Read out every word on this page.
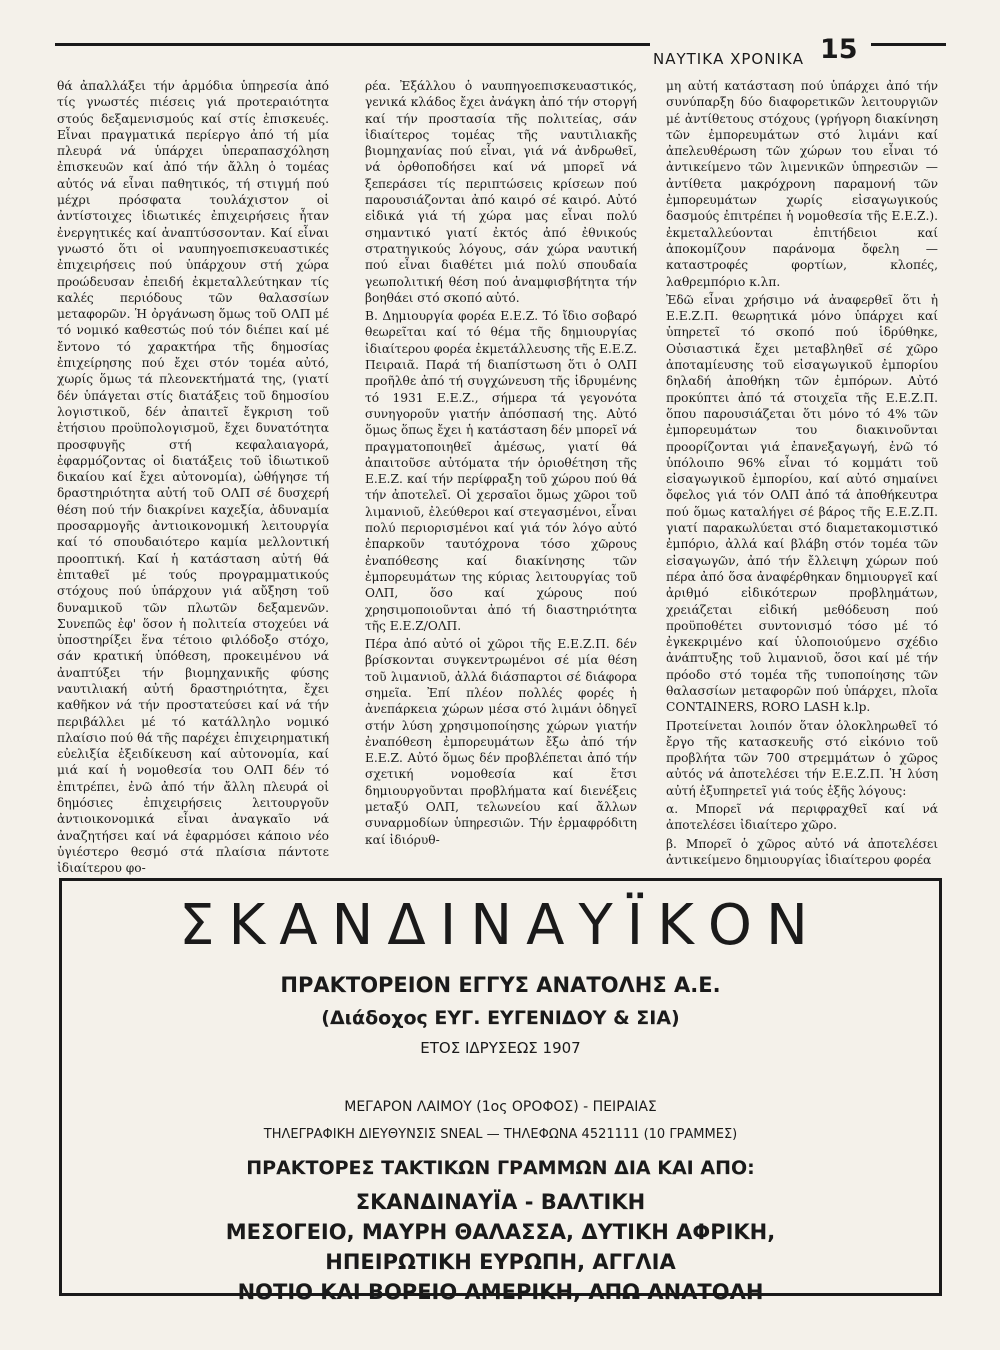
ΝΑΥΤΙΚΑ ΧΡΟΝΙΚΑ 15

θά ἀπαλλάξει τήν ἁρμόδια ὑπηρεσία ἀπό τίς γνωστές πιέσεις γιά προτεραιότητα στούς δεξαμενισμούς καί στίς ἐπισκευές. Εἶναι πραγματικά περίεργο ἀπό τή μία πλευρά νά ὑπάρχει ὑπεραπασχόληση ἐπισκευῶν καί ἀπό τήν ἄλλη ὁ τομέας αὐτός νά εἶναι παθητικός, τή στιγμή πού μέχρι πρόσφατα τουλάχιστον οἱ ἀντίστοιχες ἰδιωτικές ἐπιχειρήσεις ἦταν ἐνεργητικές καί ἀναπτύσσονταν. Καί εἶναι γνωστό ὅτι οἱ ναυπηγοεπισκευαστικές ἐπιχειρήσεις πού ὑπάρχουν στή χώρα προώδευσαν ἐπειδή ἐκμεταλλεύτηκαν τίς καλές περιόδους τῶν θαλασσίων μεταφορῶν. Ἡ ὀργάνωση ὅμως τοῦ ΟΛΠ μέ τό νομικό καθεστώς πού τόν διέπει καί μέ ἔντονο τό χαρακτήρα τῆς δημοσίας ἐπιχείρησης πού ἔχει στόν τομέα αὐτό, χωρίς ὅμως τά πλεονεκτήματά της, (γιατί δέν ὑπάγεται στίς διατάξεις τοῦ δημοσίου λογιστικοῦ, δέν ἀπαιτεῖ ἔγκριση τοῦ ἐτήσιου προϋπολογισμοῦ, ἔχει δυνατότητα προσφυγῆς στή κεφαλαιαγορά, ἐφαρμόζοντας οἱ διατάξεις τοῦ ἰδιωτικοῦ δικαίου καί ἔχει αὐτονομία), ὠθήγησε τή δραστηριότητα αὐτή τοῦ ΟΛΠ σέ δυσχερή θέση πού τήν διακρίνει καχεξία, ἀδυναμία προσαρμογῆς ἀντιοικονομική λειτουργία καί τό σπουδαιότερο καμία μελλοντική προοπτική. Καί ἡ κατάσταση αὐτή θά ἐπιταθεῖ μέ τούς προγραμματικούς στόχους πού ὑπάρχουν γιά αὔξηση τοῦ δυναμικοῦ τῶν πλωτῶν δεξαμενῶν. Συνεπῶς ἐφ' ὅσον ἡ πολιτεία στοχεύει νά ὑποστηρίξει ἕνα τέτοιο φιλόδοξο στόχο, σάν κρατική ὑπόθεση, προκειμένου νά ἀναπτύξει τήν βιομηχανικῆς φύσης ναυτιλιακή αὐτή δραστηριότητα, ἔχει καθῆκον νά τήν προστατεύσει καί νά τήν περιβάλλει μέ τό κατάλληλο νομικό πλαίσιο πού θά τῆς παρέχει ἐπιχειρηματική εὐελιξία ἐξειδίκευση καί αὐτονομία, καί μιά καί ἡ νομοθεσία του ΟΛΠ δέν τό ἐπιτρέπει, ἐνῶ ἀπό τήν ἄλλη πλευρά οἱ δημόσιες ἐπιχειρήσεις λειτουργοῦν ἀντιοικονομικά εἶναι ἀναγκαῖο νά ἀναζητήσει καί νά ἐφαρμόσει κάποιο νέο ὑγιέστερο θεσμό στά πλαίσια πάντοτε ἰδιαίτερου φο-

ρέα. Ἐξάλλου ὁ ναυπηγοεπισκευαστικός, γενικά κλάδος ἔχει ἀνάγκη ἀπό τήν στοργή καί τήν προστασία τῆς πολιτείας, σάν ἰδιαίτερος τομέας τῆς ναυτιλιακῆς βιομηχανίας πού εἶναι, γιά νά ἀνδρωθεῖ, νά ὀρθοποδήσει καί νά μπορεῖ νά ξεπεράσει τίς περιπτώσεις κρίσεων πού παρουσιάζονται ἀπό καιρό σέ καιρό. Αὐτό εἰδικά γιά τή χώρα μας εἶναι πολύ σημαντικό γιατί ἐκτός ἀπό ἐθνικούς στρατηγικούς λόγους, σάν χώρα ναυτική πού εἶναι διαθέτει μιά πολύ σπουδαία γεωπολιτική θέση πού ἀναμφισβήτητα τήν βοηθάει στό σκοπό αὐτό.

Β. Δημιουργία φορέα Ε.Ε.Ζ. Τό ἴδιο σοβαρό θεωρεῖται καί τό θέμα τῆς δημιουργίας ἰδιαίτερου φορέα ἐκμετάλλευσης τῆς Ε.Ε.Ζ. Πειραιᾶ. Παρά τή διαπίστωση ὅτι ὁ ΟΛΠ προῆλθε ἀπό τή συγχώνευση τῆς ἱδρυμένης τό 1931 Ε.Ε.Ζ., σήμερα τά γεγονότα συνηγοροῦν γιατήν ἀπόσπασή της. Αὐτό ὅμως ὅπως ἔχει ἡ κατάσταση δέν μπορεῖ νά πραγματοποιηθεῖ ἀμέσως, γιατί θά ἀπαιτοῦσε αὐτόματα τήν ὁριοθέτηση τῆς Ε.Ε.Ζ. καί τήν περίφραξη τοῦ χώρου πού θά τήν ἀποτελεῖ. Οἱ χερσαῖοι ὅμως χῶροι τοῦ λιμανιοῦ, ἐλεύθεροι καί στεγασμένοι, εἶναι πολύ περιορισμένοι καί γιά τόν λόγο αὐτό ἐπαρκοῦν ταυτόχρονα τόσο χῶρους ἐναπόθεσης καί διακίνησης τῶν ἐμπορευμάτων της κύριας λειτουργίας τοῦ ΟΛΠ, ὅσο καί χώρους πού χρησιμοποιοῦνται ἀπό τή διαστηριότητα τῆς Ε.Ε.Ζ/ΟΛΠ.

Πέρα ἀπό αὐτό οἱ χῶροι τῆς Ε.Ε.Ζ.Π. δέν βρίσκονται συγκεντρωμένοι σέ μία θέση τοῦ λιμανιοῦ, ἀλλά διάσπαρτοι σέ διάφορα σημεῖα. Ἐπί πλέον πολλές φορές ἡ ἀνεπάρκεια χώρων μέσα στό λιμάνι ὁδηγεῖ στήν λύση χρησιμοποίησης χώρων γιατήν ἐναπόθεση ἐμπορευμάτων ἔξω ἀπό τήν Ε.Ε.Ζ. Αὐτό ὅμως δέν προβλέπεται ἀπό τήν σχετική νομοθεσία καί ἔτσι δημιουργοῦνται προβλήματα καί διενέξεις μεταξύ ΟΛΠ, τελωνείου καί ἄλλων συναρμοδίων ὑπηρεσιῶν. Τήν ἑρμαφρόδιτη καί ἰδιόρυθ-

μη αὐτή κατάσταση πού ὑπάρχει ἀπό τήν συνύπαρξη δύο διαφορετικῶν λειτουργιῶν μέ ἀντίθετους στόχους (γρήγορη διακίνηση τῶν ἐμπορευμάτων στό λιμάνι καί ἀπελευθέρωση τῶν χώρων του εἶναι τό ἀντικείμενο τῶν λιμενικῶν ὑπηρεσιῶν — ἀντίθετα μακρόχρονη παραμονή τῶν ἐμπορευμάτων χωρίς εἰσαγωγικούς δασμούς ἐπιτρέπει ἡ νομοθεσία τῆς Ε.Ε.Ζ.). ἐκμεταλλεύονται ἐπιτήδειοι καί ἀποκομίζουν παράνομα ὄφελη — καταστροφές φορτίων, κλοπές, λαθρεμπόριο κ.λπ.

Ἐδῶ εἶναι χρήσιμο νά ἀναφερθεῖ ὅτι ἡ Ε.Ε.Ζ.Π. θεωρητικά μόνο ὑπάρχει καί ὑπηρετεῖ τό σκοπό πού ἱδρύθηκε, Οὐσιαστικά ἔχει μεταβληθεῖ σέ χῶρο ἀποταμίευσης τοῦ εἰσαγωγικοῦ ἐμπορίου δηλαδή ἀποθήκη τῶν ἐμπόρων. Αὐτό προκύπτει ἀπό τά στοιχεῖα τῆς Ε.Ε.Ζ.Π. ὅπου παρουσιάζεται ὅτι μόνο τό 4% τῶν ἐμπορευμάτων του διακινοῦνται προορίζονται γιά ἐπανεξαγωγή, ἐνῶ τό ὑπόλοιπο 96% εἶναι τό κομμάτι τοῦ εἰσαγωγικοῦ ἐμπορίου, καί αὐτό σημαίνει ὄφελος γιά τόν ΟΛΠ ἀπό τά ἀποθήκευτρα πού ὅμως καταλήγει σέ βάρος τῆς Ε.Ε.Ζ.Π. γιατί παρακωλύεται στό διαμετακομιστικό ἐμπόριο, ἀλλά καί βλάβη στόν τομέα τῶν εἰσαγωγῶν, ἀπό τήν ἔλλειψη χώρων πού πέρα ἀπό ὅσα ἀναφέρθηκαν δημιουργεῖ καί ἀριθμό εἰδικότερων προβλημάτων, χρειάζεται εἰδική μεθόδευση πού προϋποθέτει συντονισμό τόσο μέ τό ἐγκεκριμένο καί ὑλοποιούμενο σχέδιο ἀνάπτυξης τοῦ λιμανιοῦ, ὅσοι καί μέ τήν πρόοδο στό τομέα τῆς τυποποίησης τῶν θαλασσίων μεταφορῶν πού ὑπάρχει, πλοῖα CONTAINERS, RORO LASH k.lp.

Προτείνεται λοιπόν ὅταν ὁλοκληρωθεῖ τό ἔργο τῆς κατασκευῆς στό εἰκόνιο τοῦ προβλήτα τῶν 700 στρεμμάτων ὁ χῶρος αὐτός νά ἀποτελέσει τήν Ε.Ε.Ζ.Π. Ἡ λύση αὐτή ἐξυπηρετεῖ γιά τούς ἑξῆς λόγους:

α. Μπορεῖ νά περιφραχθεῖ καί νά ἀποτελέσει ἰδιαίτερο χῶρο.

β. Μπορεῖ ὁ χῶρος αὐτό νά ἀποτελέσει ἀντικείμενο δημιουργίας ἰδιαίτερου φορέα

ΣΚΑΝΔΙΝΑΥΪΚΟΝ
ΠΡΑΚΤΟΡΕΙΟΝ ΕΓΓΥΣ ΑΝΑΤΟΛΗΣ Α.Ε.
(Διάδοχος ΕΥΓ. ΕΥΓΕΝΙΔΟΥ & ΣΙΑ)
ΕΤΟΣ ΙΔΡΥΣΕΩΣ 1907
ΜΕΓΑΡΟΝ ΛΑΙΜΟΥ (1ος ΟΡΟΦΟΣ) - ΠΕΙΡΑΙΑΣ
ΤΗΛΕΓΡΑΦΙΚΗ ΔΙΕΥΘΥΝΣΙΣ SNEAL — ΤΗΛΕΦΩΝΑ 4521111 (10 ΓΡΑΜΜΕΣ)
ΠΡΑΚΤΟΡΕΣ ΤΑΚΤΙΚΩΝ ΓΡΑΜΜΩΝ ΔΙΑ ΚΑΙ ΑΠΟ:
ΣΚΑΝΔΙΝΑΥΪΑ - ΒΑΛΤΙΚΗ
ΜΕΣΟΓΕΙΟ, ΜΑΥΡΗ ΘΑΛΑΣΣΑ, ΔΥΤΙΚΗ ΑΦΡΙΚΗ,
ΗΠΕΙΡΩΤΙΚΗ ΕΥΡΩΠΗ, ΑΓΓΛΙΑ
ΝΟΤΙΟ ΚΑΙ ΒΟΡΕΙΟ ΑΜΕΡΙΚΗ, ΑΠΩ ΑΝΑΤΟΛΗ
